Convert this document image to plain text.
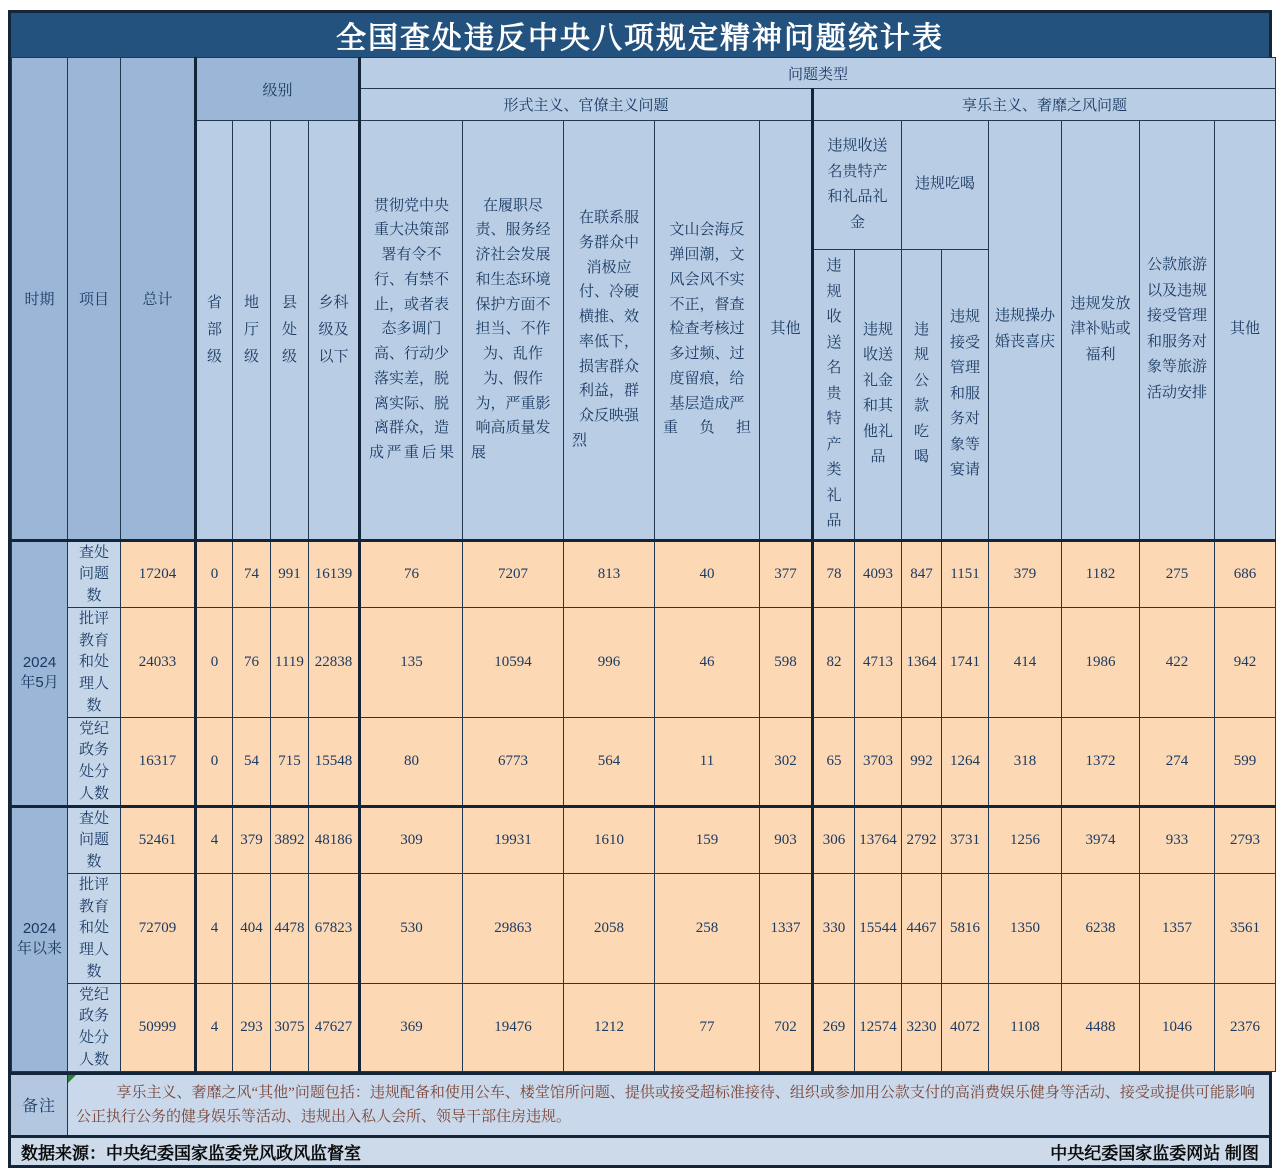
全国查处违反中央八项规定精神问题统计表
时期	项目	总计	级别				问题类型												
							形式主义、官僚主义问题					享乐主义、奢靡之风问题							
			省部级	地厅级	县处级	乡科级及以下	贯彻党中央重大决策部署有令不行、有禁不止，或者表态多调门高、行动少落实差，脱离实际、脱离群众，造成严重后果	在履职尽责、服务经济社会发展和生态环境保护方面不担当、不作为、乱作为、假作为，严重影响高质量发展	在联系服务群众中消极应付、冷硬横推、效率低下，损害群众利益，群众反映强烈	文山会海反弹回潮，文风会风不实不正，督查检查考核过多过频、过度留痕，给基层造成严重负担	其他	违规收送名贵特产和礼品礼金		违规吃喝		违规操办婚丧喜庆	违规发放津补贴或福利	公款旅游以及违规接受管理和服务对象等旅游活动安排	其他
												违规收送名贵特产类礼品	违规收送礼金和其他礼品	违规公款吃喝	违规接受管理和服务对象等宴请				
2024年5月	查处问题数	17204	0	74	991	16139	76	7207	813	40	377	78	4093	847	1151	379	1182	275	686
	批评教育和处理人数	24033	0	76	1119	22838	135	10594	996	46	598	82	4713	1364	1741	414	1986	422	942
	党纪政务处分人数	16317	0	54	715	15548	80	6773	564	11	302	65	3703	992	1264	318	1372	274	599
2024年以来	查处问题数	52461	4	379	3892	48186	309	19931	1610	159	903	306	13764	2792	3731	1256	3974	933	2793
	批评教育和处理人数	72709	4	404	4478	67823	530	29863	2058	258	1337	330	15544	4467	5816	1350	6238	1357	3561
	党纪政务处分人数	50999	4	293	3075	47627	369	19476	1212	77	702	269	12574	3230	4072	1108	4488	1046	2376
备注
享乐主义、奢靡之风“其他”问题包括：违规配备和使用公车、楼堂馆所问题、提供或接受超标准接待、组织或参加用公款支付的高消费娱乐健身等活动、接受或提供可能影响公正执行公务的健身娱乐等活动、违规出入私人会所、领导干部住房违规。
数据来源：中央纪委国家监委党风政风监督室	中央纪委国家监委网站 制图
